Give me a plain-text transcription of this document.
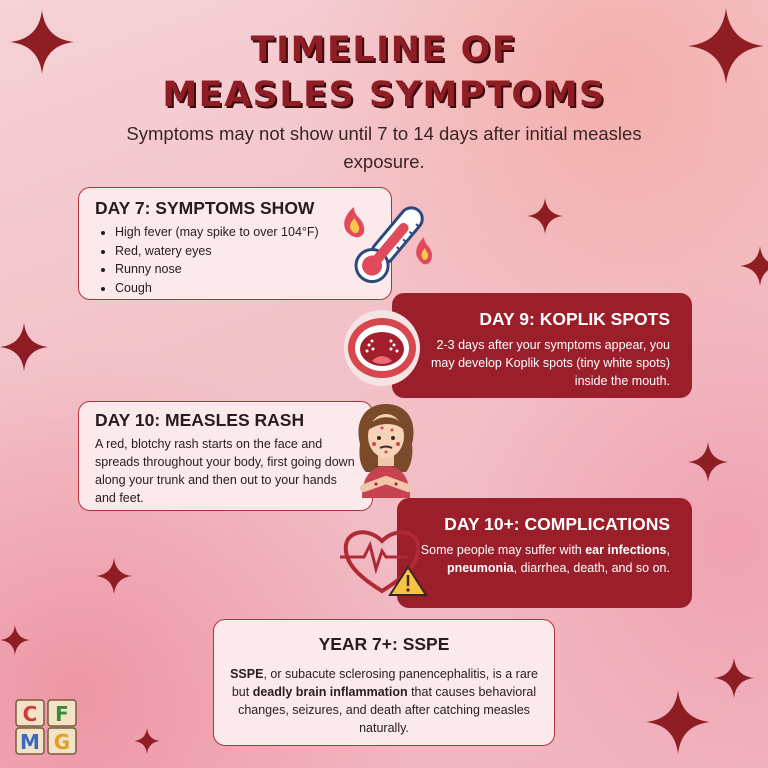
TIMELINE OF
MEASLES SYMPTOMS

Symptoms may not show until 7 to 14 days after initial measles exposure.

DAY 7: SYMPTOMS SHOW
• High fever (may spike to over 104°F)
• Red, watery eyes
• Runny nose
• Cough
DAY 9: KOPLIK SPOTS

2-3 days after your symptoms appear, you may develop Koplik spots (tiny white spots) inside the mouth.

DAY 10: MEASLES RASH

A red, blotchy rash starts on the face and spreads throughout your body, first going down along your trunk and then out to your hands and feet.

DAY 10+: COMPLICATIONS

Some people may suffer with ear infections, pneumonia, diarrhea, death, and so on.

YEAR 7+: SSPE

SSPE, or subacute sclerosing panencephalitis, is a rare but deadly brain inflammation that causes behavioral changes, seizures, and death after catching measles naturally.

C F
M G
